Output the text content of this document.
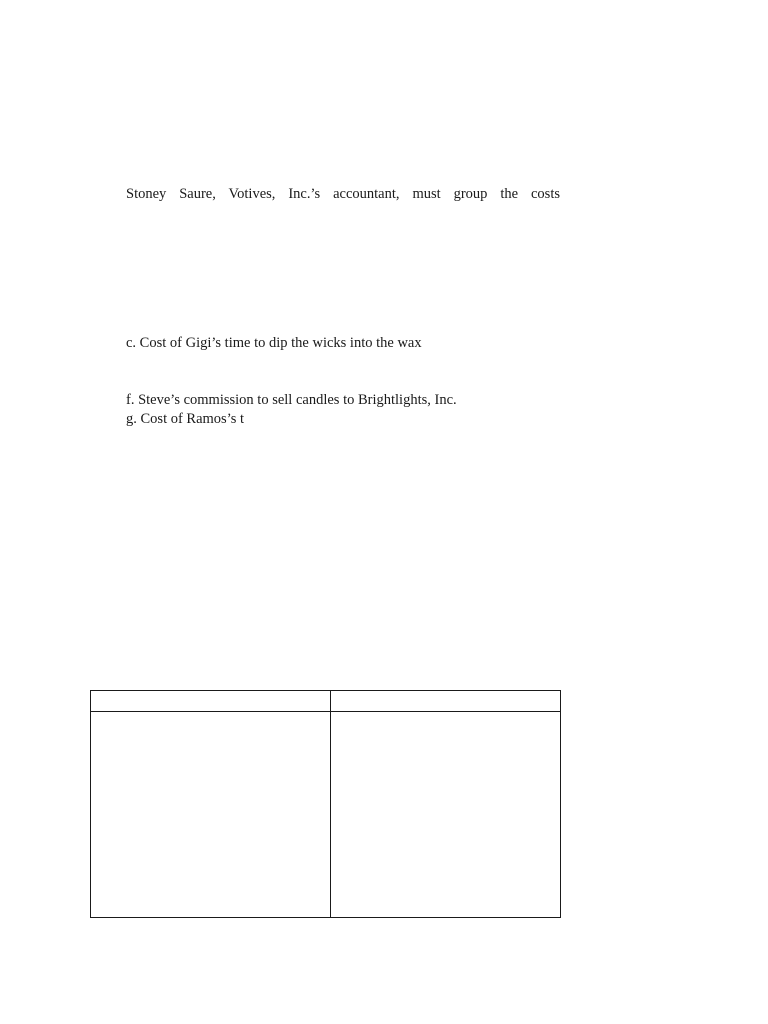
Stoney Saure, Votives, Inc.’s accountant, must group the costs

c. Cost of Gigi’s time to dip the wicks into the wax

f. Steve’s commission to sell candles to Brightlights, Inc.

g. Cost of Ramos’s t
